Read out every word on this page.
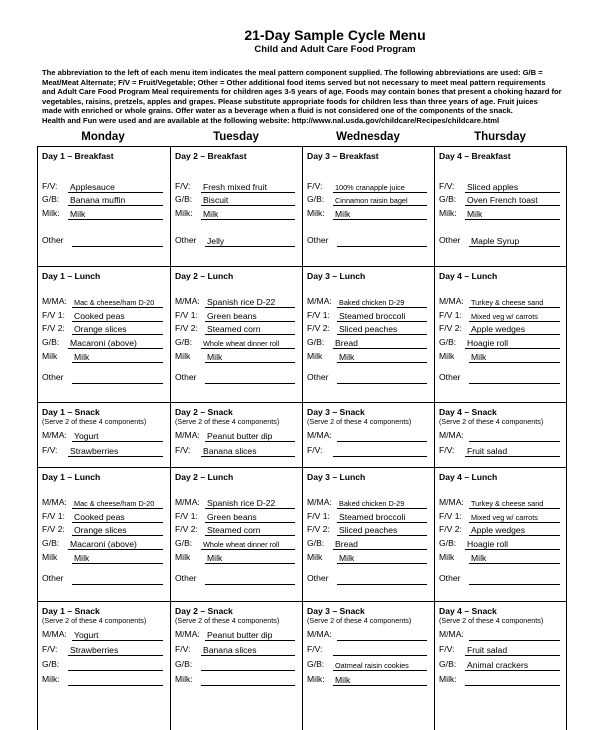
21-Day Sample Cycle Menu
Child and Adult Care Food Program
The abbreviation to the left of each menu item indicates the meal pattern component supplied. The following abbreviations are used: G/B =
Meat/Meat Alternate; F/V = Fruit/Vegetable; Other = Other additional food items served but not necessary to meet meal pattern requirements
and Adult Care Food Program Meal requirements for children ages 3-5 years of age. Foods may contain bones that present a choking hazard for
vegetables, raisins, pretzels, apples and grapes. Please substitute appropriate foods for children less than three years of age. Fruit juices
made with enriched or whole grains. Offer water as a beverage when a fluid is not considered one of the components of the snack.
Health and Fun were used and are available at the following website: http://www.nal.usda.gov/childcare/Recipes/childcare.html
Monday	Tuesday	Wednesday	Thursday
Day 1 – Breakfast
F/V: Applesauce
G/B: Banana muffin
Milk: Milk
Other
Day 2 – Breakfast
F/V: Fresh mixed fruit
G/B: Biscuit
Milk: Milk
Other Jelly
Day 3 – Breakfast
F/V: 100% cranapple juice
G/B: Cinnamon raisin bagel
Milk: Milk
Other
Day 4 – Breakfast
F/V: Sliced apples
G/B: Oven French toast
Milk: Milk
Other Maple Syrup
Day 1 – Lunch
M/MA: Mac & cheese/ham D-20
F/V 1: Cooked peas
F/V 2: Orange slices
G/B: Macaroni (above)
Milk Milk
Other
Day 2 – Lunch
M/MA: Spanish rice D-22
F/V 1: Green beans
F/V 2: Steamed corn
G/B: Whole wheat dinner roll
Milk Milk
Other
Day 3 – Lunch
M/MA: Baked chicken D-29
F/V 1: Steamed broccoli
F/V 2: Sliced peaches
G/B: Bread
Milk Milk
Other
Day 4 – Lunch
M/MA: Turkey & cheese sand
F/V 1: Mixed veg w/ carrots
F/V 2: Apple wedges
G/B: Hoagie roll
Milk Milk
Other
Day 1 – Snack
(Serve 2 of these 4 components)
M/MA: Yogurt
F/V: Strawberries
Day 2 – Snack
(Serve 2 of these 4 components)
M/MA: Peanut butter dip
F/V: Banana slices
Day 3 – Snack
(Serve 2 of these 4 components)
M/MA:
F/V:
Day 4 – Snack
(Serve 2 of these 4 components)
M/MA:
F/V: Fruit salad
Day 1 – Lunch
M/MA: Mac & cheese/ham D-20
F/V 1: Cooked peas
F/V 2: Orange slices
G/B: Macaroni (above)
Milk Milk
Other
Day 2 – Lunch
M/MA: Spanish rice D-22
F/V 1: Green beans
F/V 2: Steamed corn
G/B: Whole wheat dinner roll
Milk Milk
Other
Day 3 – Lunch
M/MA: Baked chicken D-29
F/V 1: Steamed broccoli
F/V 2: Sliced peaches
G/B: Bread
Milk Milk
Other
Day 4 – Lunch
M/MA: Turkey & cheese sand
F/V 1: Mixed veg w/ carrots
F/V 2: Apple wedges
G/B: Hoagie roll
Milk Milk
Other
Day 1 – Snack
(Serve 2 of these 4 components)
M/MA: Yogurt
F/V: Strawberries
G/B:
Milk:
Day 2 – Snack
(Serve 2 of these 4 components)
M/MA: Peanut butter dip
F/V: Banana slices
G/B:
Milk:
Day 3 – Snack
(Serve 2 of these 4 components)
M/MA:
F/V:
G/B: Oatmeal raisin cookies
Milk: Milk
Day 4 – Snack
(Serve 2 of these 4 components)
M/MA:
F/V: Fruit salad
G/B: Animal crackers
Milk:
